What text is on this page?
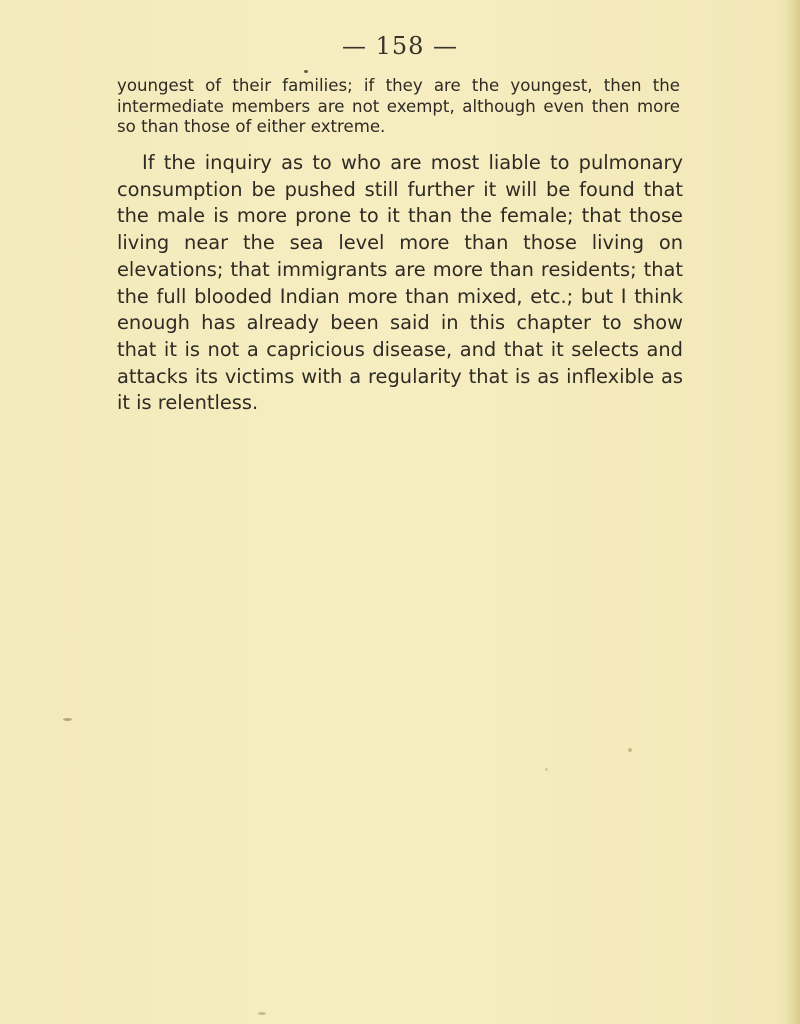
— 158 —

youngest of their families; if they are the youngest, then the intermediate members are not exempt, although even then more so than those of either extreme.

If the inquiry as to who are most liable to pulmonary consumption be pushed still further it will be found that the male is more prone to it than the female; that those living near the sea level more than those living on elevations; that immigrants are more than residents; that the full blooded Indian more than mixed, etc.; but I think enough has already been said in this chapter to show that it is not a capricious disease, and that it selects and attacks its victims with a regularity that is as inflexible as it is relentless.
